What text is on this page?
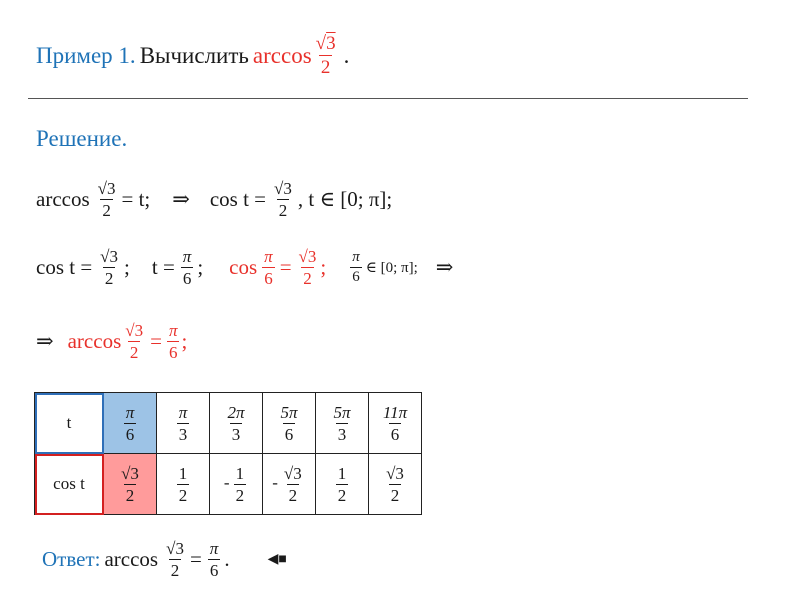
Пример 1. Вычислить $\arccos \frac{√3}{2}$ .
Решение.
$\arccos \frac{√3}{2} = t$; ⇒ $\cos t = \frac{√3}{2}$ , t ∈ [0; π];
$\cos t = \frac{√3}{2}$ ; $t = \frac{\pi}{6}$ ; $\cos \frac{\pi}{6} = \frac{√3}{2}$ ; $\frac{\pi}{6}$ ∈ [0; π]; ⇒
⇒ $\arccos \frac{√3}{2} = \frac{\pi}{6}$ ;
t	$\frac{\pi}{6}$	$\frac{\pi}{3}$	$\frac{2\pi}{3}$	$\frac{5\pi}{6}$	$\frac{5\pi}{3}$	$\frac{11\pi}{6}$

cos t	$\frac{√3}{2}$	$\frac{1}{2}$	- $\frac{1}{2}$	- $\frac{√3}{2}$	$\frac{1}{2}$	$\frac{√3}{2}$
Ответ: $\arccos \frac{√3}{2} = \frac{\pi}{6}$ .	◀■
